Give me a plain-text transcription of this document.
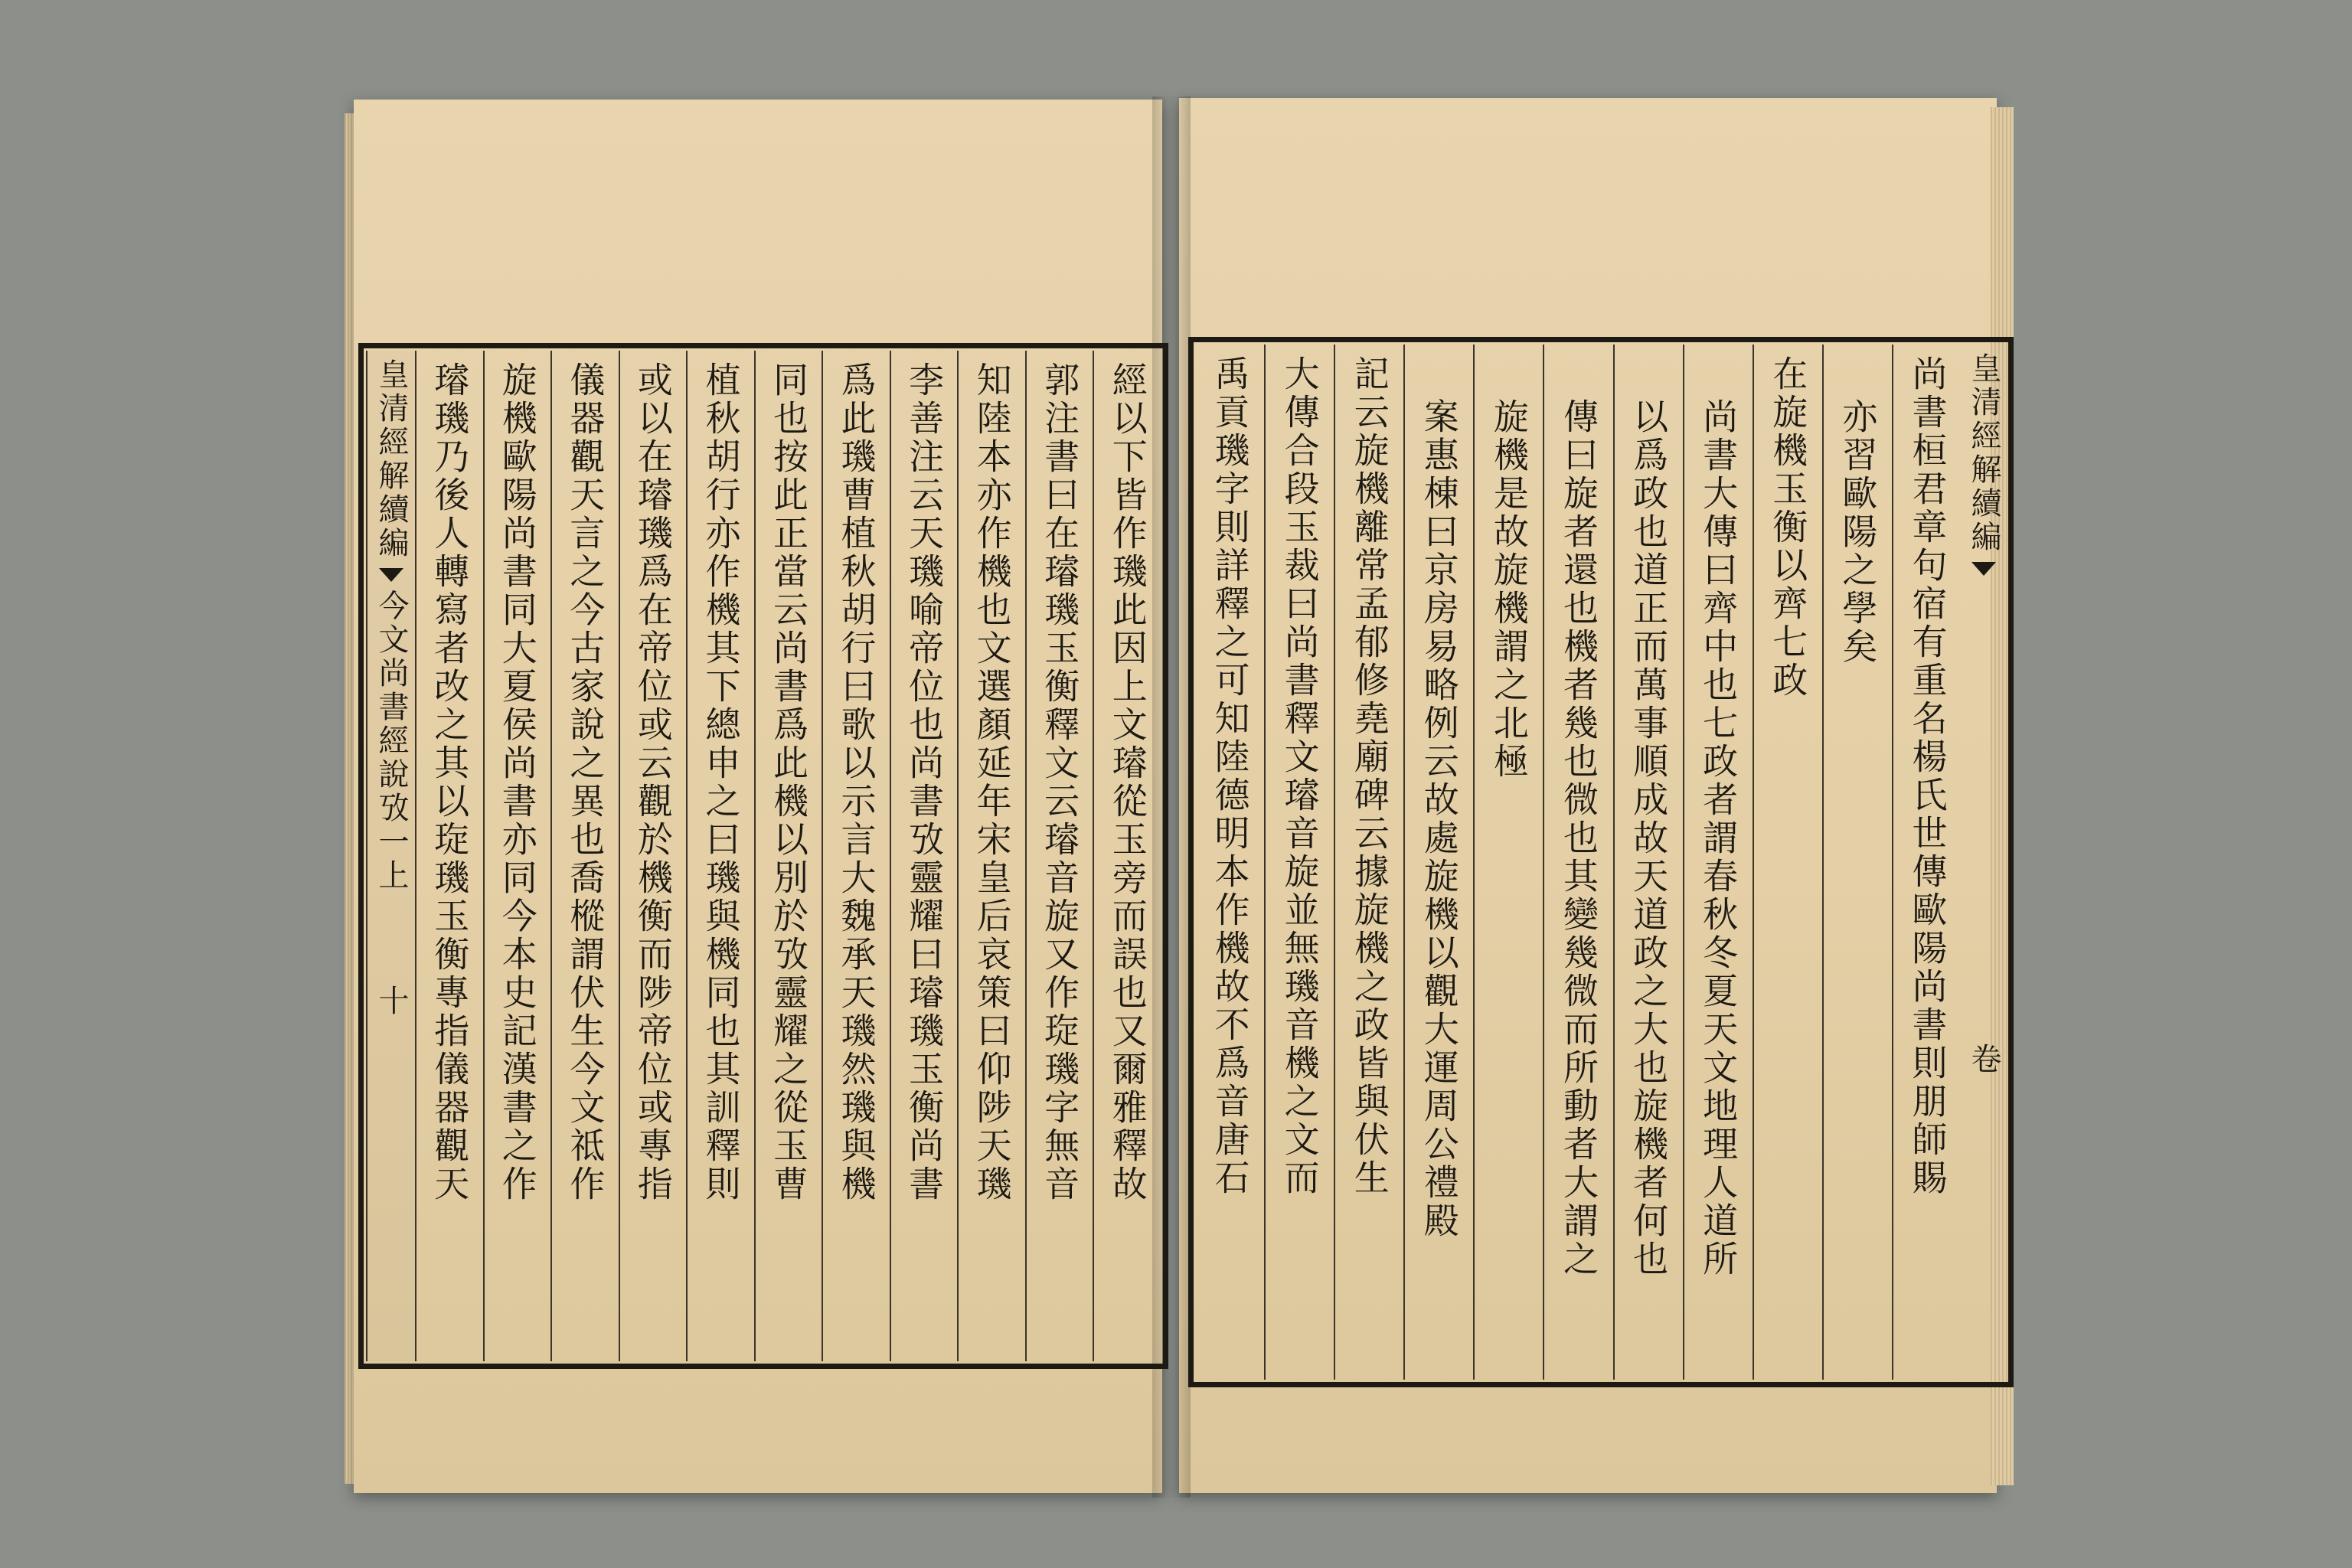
經以下皆作璣此因上文璿從玉旁而誤也又爾雅釋故
郭注書曰在璿璣玉衡釋文云璿音旋又作琁璣字無音
知陸本亦作機也文選顏延年宋皇后哀策曰仰陟天璣
李善注云天璣喻帝位也尚書攷靈耀曰璿璣玉衡尚書
爲此璣曹植秋胡行曰歌以示言大魏承天璣然璣與機
同也按此正當云尚書爲此機以別於攷靈耀之從玉曹
植秋胡行亦作機其下總申之曰璣與機同也其訓釋則
或以在璿璣爲在帝位或云觀於機衡而陟帝位或專指
儀器觀天言之今古家說之異也喬樅謂伏生今文祗作
旋機歐陽尚書同大夏侯尚書亦同今本史記漢書之作
璿璣乃後人轉寫者改之其以琁璣玉衡專指儀器觀天
皇清經解續編
今文尚書經說攷一上
十
皇清經解續編
卷
尚書桓君章句宿有重名楊氏世傳歐陽尚書則朋師賜
亦習歐陽之學矣
在旋機玉衡以齊七政
尚書大傳曰齊中也七政者謂春秋冬夏天文地理人道所
以爲政也道正而萬事順成故天道政之大也旋機者何也
傳曰旋者還也機者幾也微也其變幾微而所動者大謂之
旋機是故旋機謂之北極
案惠棟曰京房易略例云故處旋機以觀大運周公禮殿
記云旋機離常孟郁修堯廟碑云據旋機之政皆與伏生
大傳合段玉裁曰尚書釋文璿音旋並無璣音機之文而
禹貢璣字則詳釋之可知陸德明本作機故不爲音唐石
